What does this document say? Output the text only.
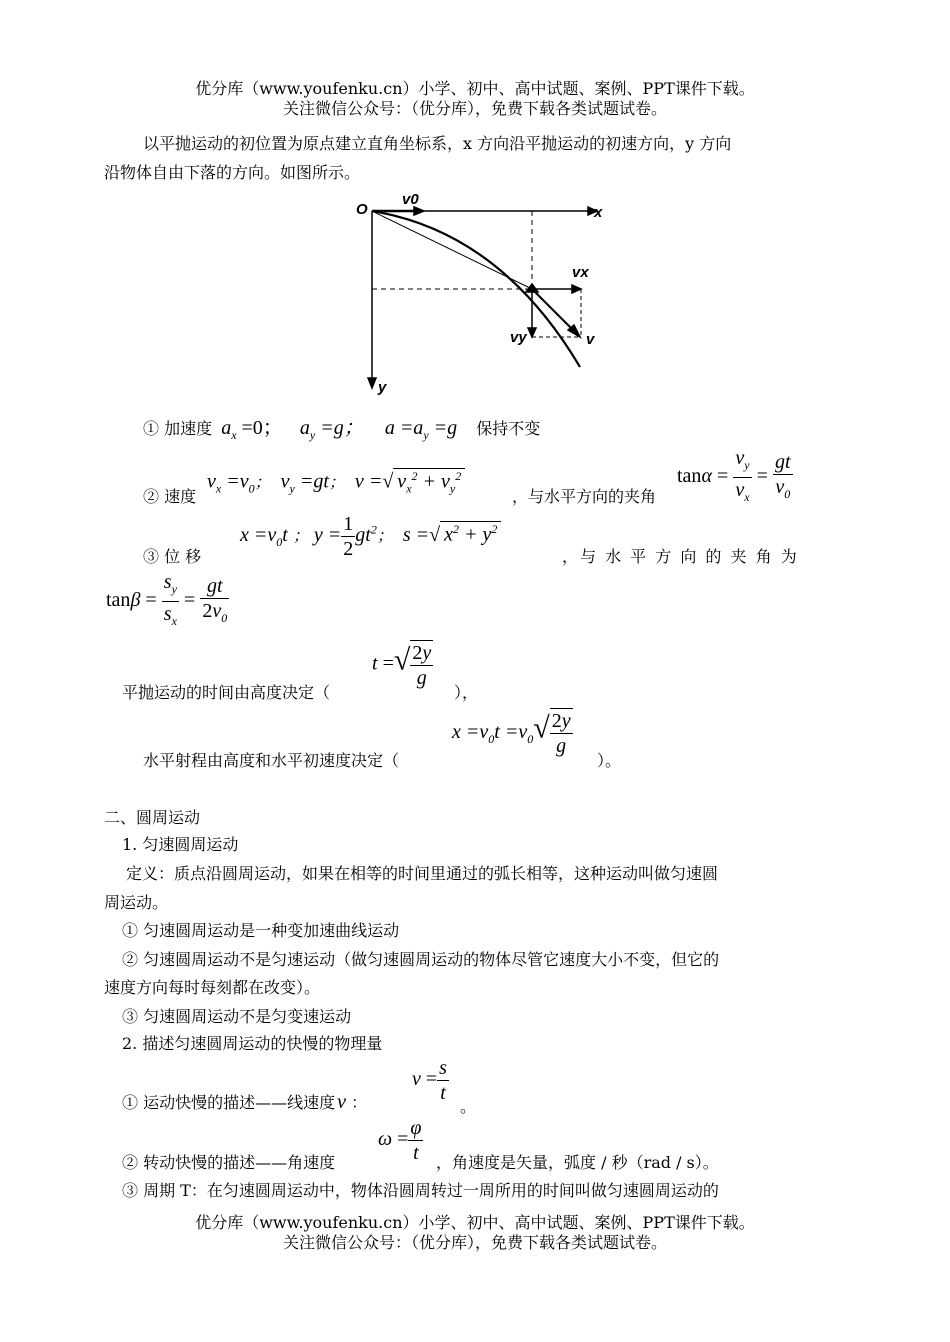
优分库（www.youfenku.cn）小学、初中、高中试题、案例、PPT课件下载。
关注微信公众号：（优分库），免费下载各类试题试卷。
以平抛运动的初位置为原点建立直角坐标系，x 方向沿平抛运动的初速方向，y 方向
沿物体自由下落的方向。如图所示。
O
v0
x
y
vx
vy	v
① 加速度 $a_x =0$； $a_y =g$； $a =a_y =g$ 保持不变
② 速度
$v_x =v_0$；  $v_y =gt$；  v =√ $v_x^2 + v_y^2$
，与水平方向的夹角
$\tan\alpha = \frac{v_y}{v_x} = \frac{gt}{v_0}$
③ 位 移
$x =v_0t$ ； $y = \frac{1}{2} gt^2$；  s =√ $x^2 + y^2$
，与 水 平 方 向 的 夹 角 为
$\tan\beta = \frac{s_y}{s_x} = \frac{gt}{2v_0}$
平抛运动的时间由高度决定（
t =√ $\frac{2y}{g}$
），
水平射程由高度和水平初速度决定（
$x =v_0t =v_0√ \frac{2y}{g}$
）。
二、圆周运动
1. 匀速圆周运动
定义：质点沿圆周运动，如果在相等的时间里通过的弧长相等，这种运动叫做匀速圆
周运动。
① 匀速圆周运动是一种变加速曲线运动
② 匀速圆周运动不是匀速运动（做匀速圆周运动的物体尽管它速度大小不变，但它的
速度方向每时每刻都在改变）。
③ 匀速圆周运动不是匀变速运动
2. 描述匀速圆周运动的快慢的物理量
① 运动快慢的描述——线速度 v ：
$v = \frac{s}{t}$
。
② 转动快慢的描述——角速度
$\omega = \frac{\varphi}{t}$ ，角速度是矢量，弧度 / 秒（rad / s）。
③ 周期 T：在匀速圆周运动中，物体沿圆周转过一周所用的时间叫做匀速圆周运动的
优分库（www.youfenku.cn）小学、初中、高中试题、案例、PPT课件下载。
关注微信公众号：（优分库），免费下载各类试题试卷。
